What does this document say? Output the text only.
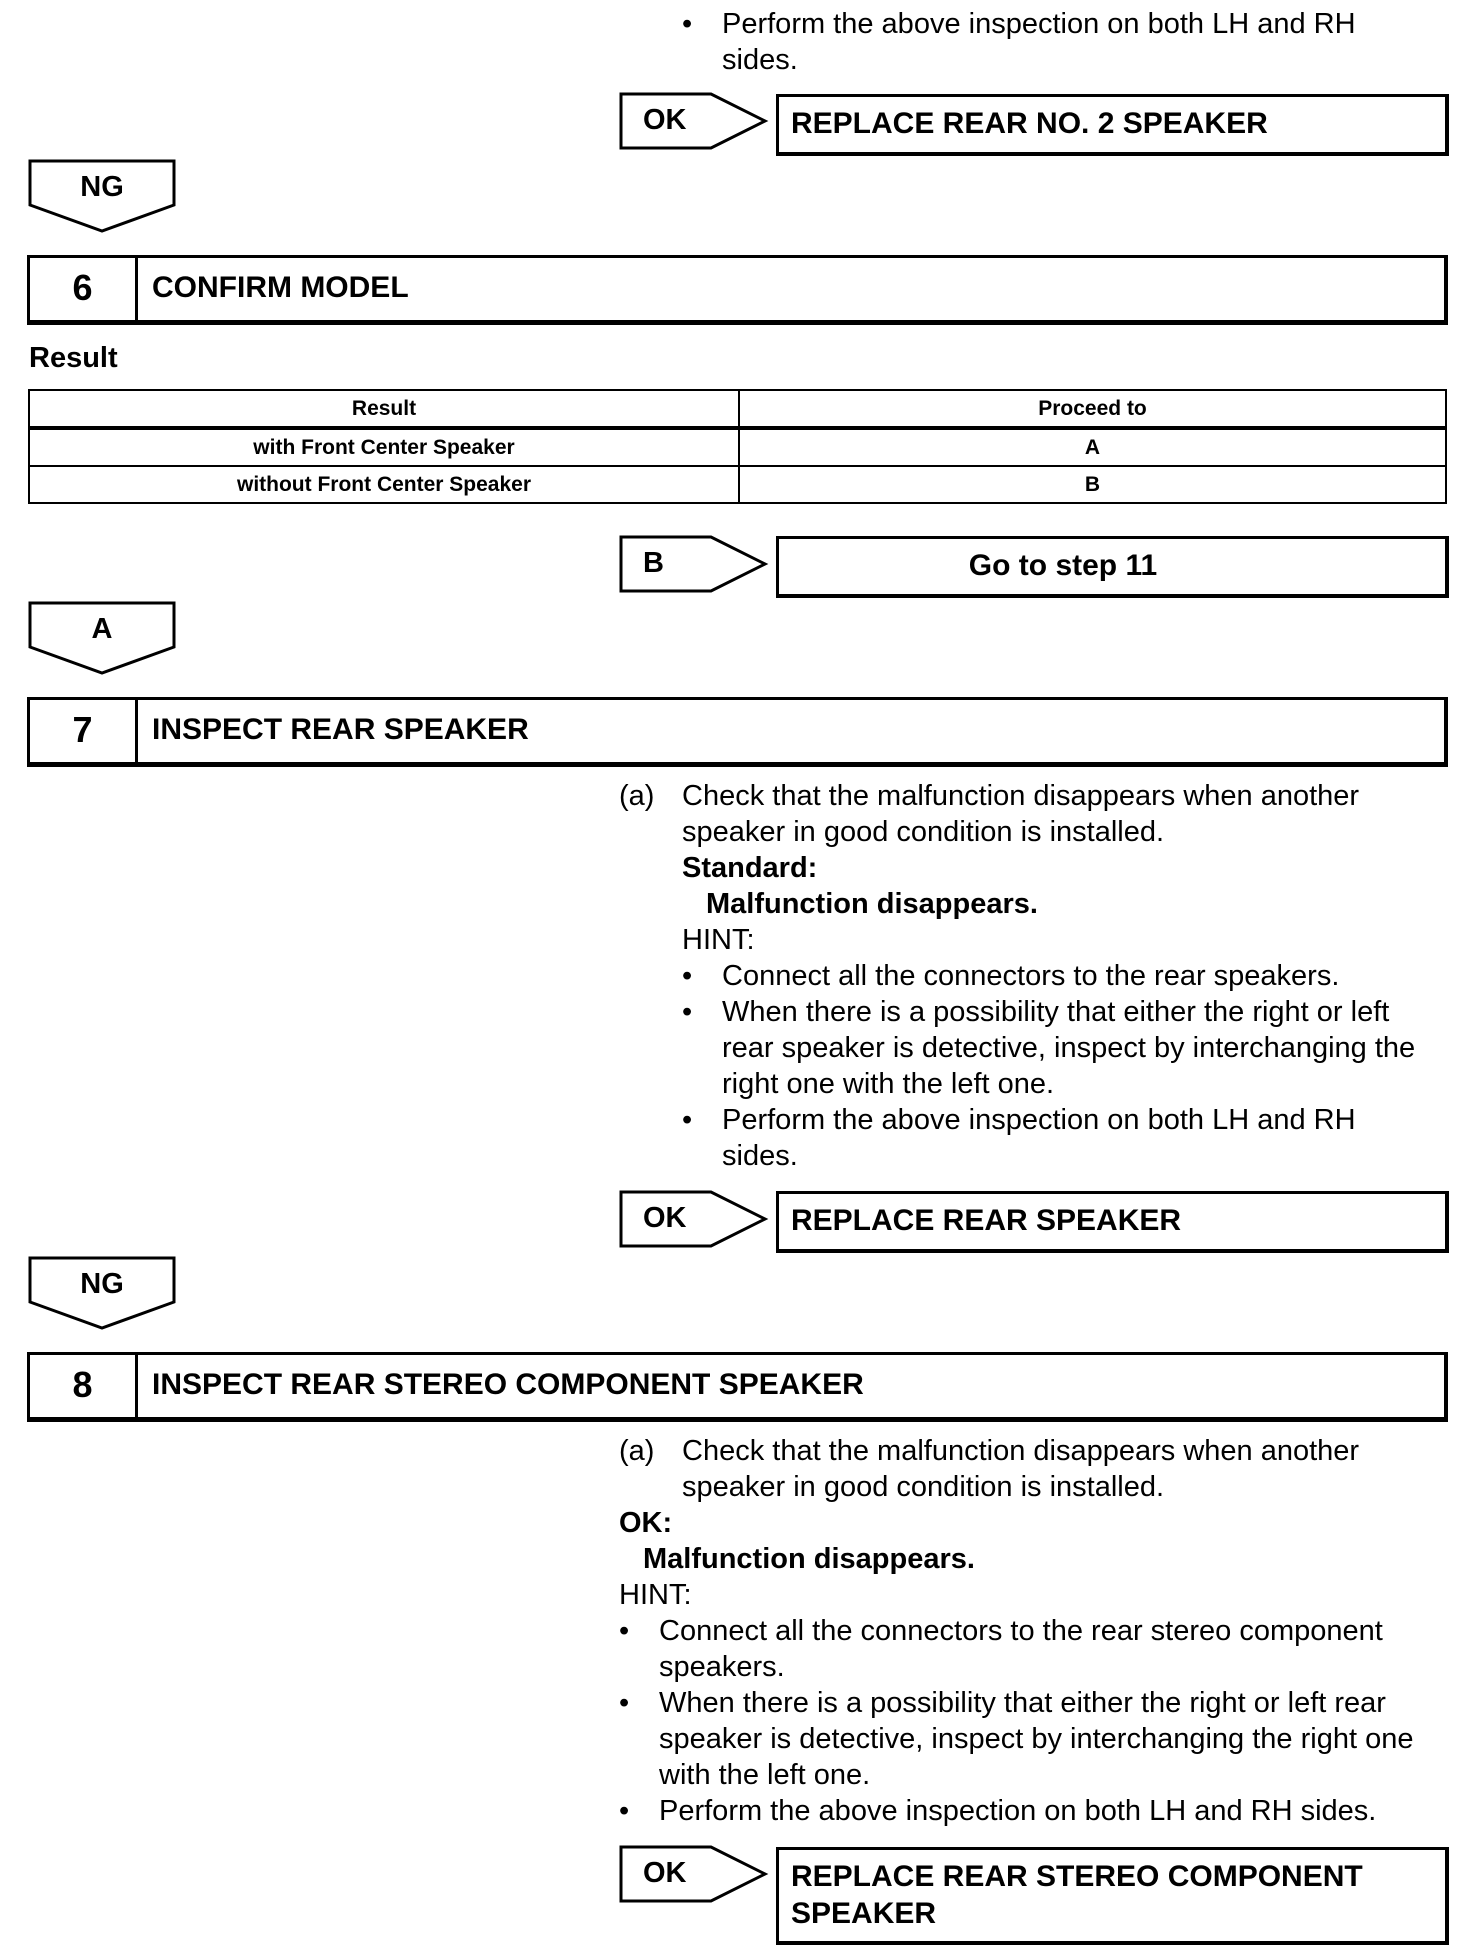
• Perform the above inspection on both LH and RH
sides.
OK	REPLACE REAR NO. 2 SPEAKER
NG
6	CONFIRM MODEL
Result
Result	Proceed to
with Front Center Speaker	A
without Front Center Speaker	B
B	Go to step 11
A
7	INSPECT REAR SPEAKER
(a) Check that the malfunction disappears when another
speaker in good condition is installed.
Standard:
Malfunction disappears.
HINT:
• Connect all the connectors to the rear speakers.
• When there is a possibility that either the right or left
rear speaker is detective, inspect by interchanging the
right one with the left one.
• Perform the above inspection on both LH and RH
sides.
OK	REPLACE REAR SPEAKER
NG
8	INSPECT REAR STEREO COMPONENT SPEAKER
(a) Check that the malfunction disappears when another
speaker in good condition is installed.
OK:
Malfunction disappears.
HINT:
• Connect all the connectors to the rear stereo component
speakers.
• When there is a possibility that either the right or left rear
speaker is detective, inspect by interchanging the right one
with the left one.
• Perform the above inspection on both LH and RH sides.
OK	REPLACE REAR STEREO COMPONENT
SPEAKER
